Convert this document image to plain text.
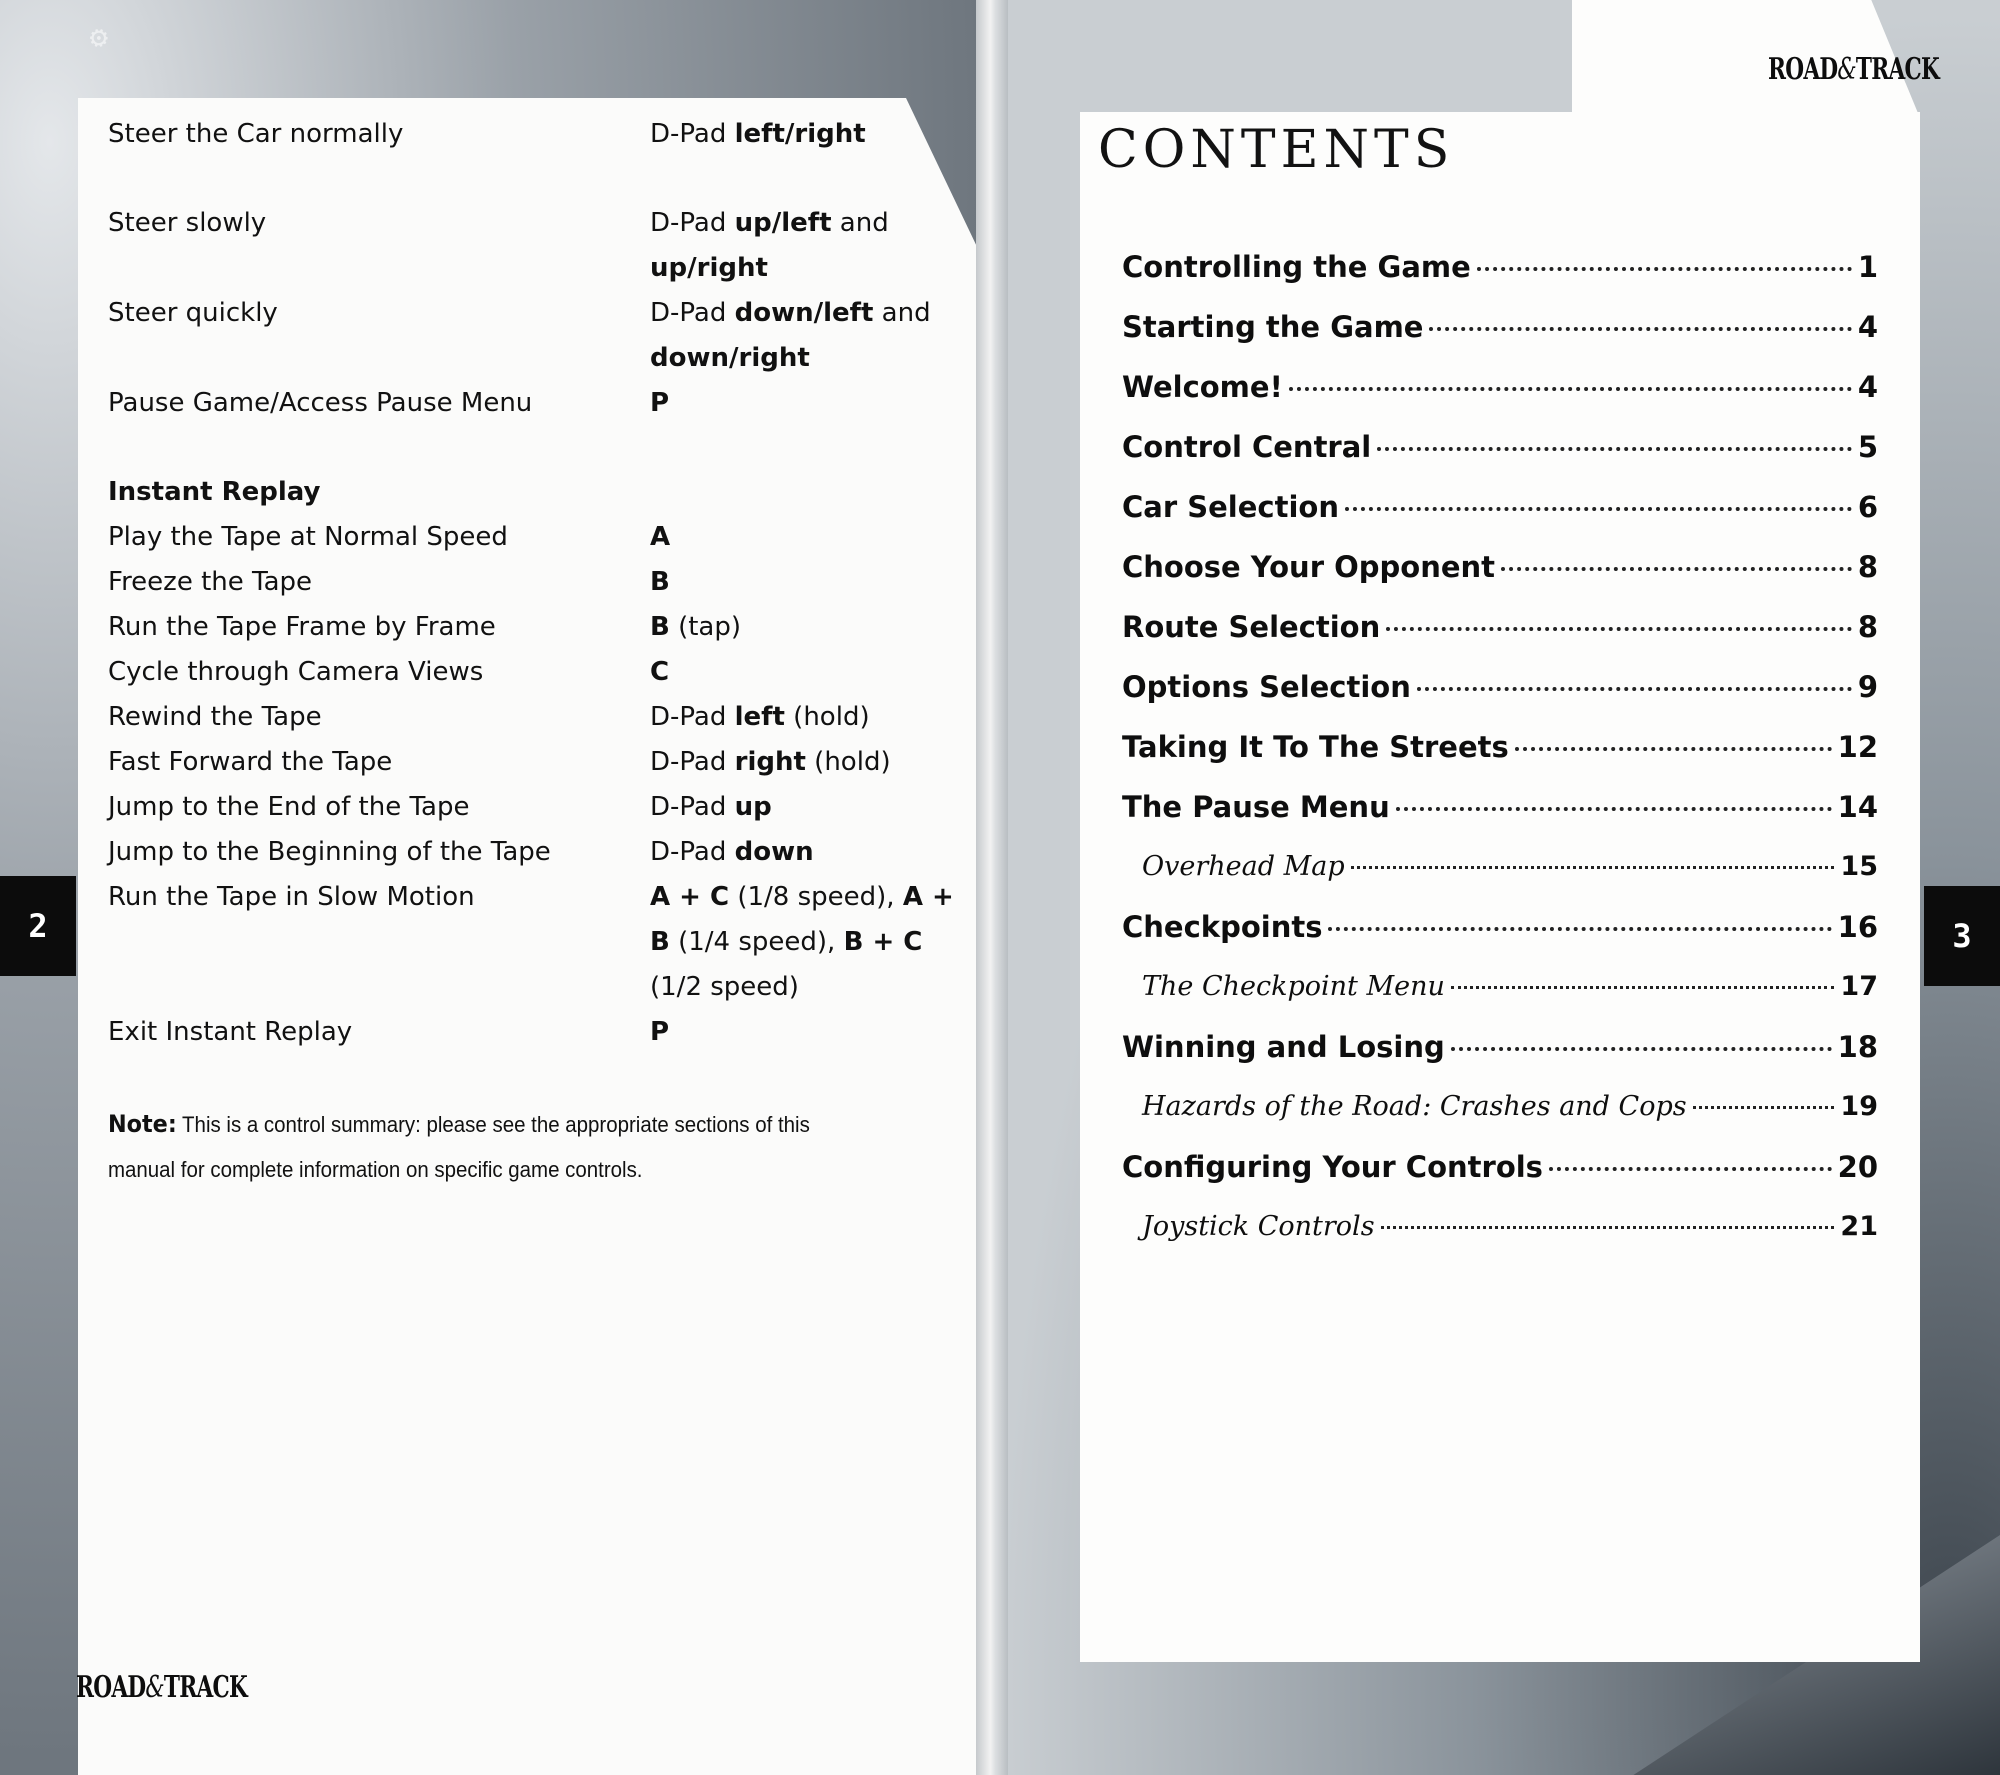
⚙
Steer the Car normally	D-Pad left/right
Steer slowly	D-Pad up/left and up/right
Steer quickly	D-Pad down/left and down/right
Pause Game/Access Pause Menu	P
Instant Replay

Play the Tape at Normal Speed	A
Freeze the Tape	B
Run the Tape Frame by Frame	B (tap)
Cycle through Camera Views	C
Rewind the Tape	D-Pad left (hold)
Fast Forward the Tape	D-Pad right (hold)
Jump to the End of the Tape	D-Pad up
Jump to the Beginning of the Tape	D-Pad down
Run the Tape in Slow Motion	A + C (1/8 speed), A + B (1/4 speed), B + C (1/2 speed)
Exit Instant Replay	P
Note: This is a control summary: please see the appropriate sections of this manual for complete information on specific game controls.
2
ROAD&TRACK
ROAD&TRACK
CONTENTS
Controlling the Game	1
Starting the Game	4
Welcome!	4
Control Central	5
Car Selection	6
Choose Your Opponent	8
Route Selection	8
Options Selection	9
Taking It To The Streets	12
The Pause Menu	14
Overhead Map	15
Checkpoints	16
The Checkpoint Menu	17
Winning and Losing	18
Hazards of the Road: Crashes and Cops	19
Configuring Your Controls	20
Joystick Controls	21
3
